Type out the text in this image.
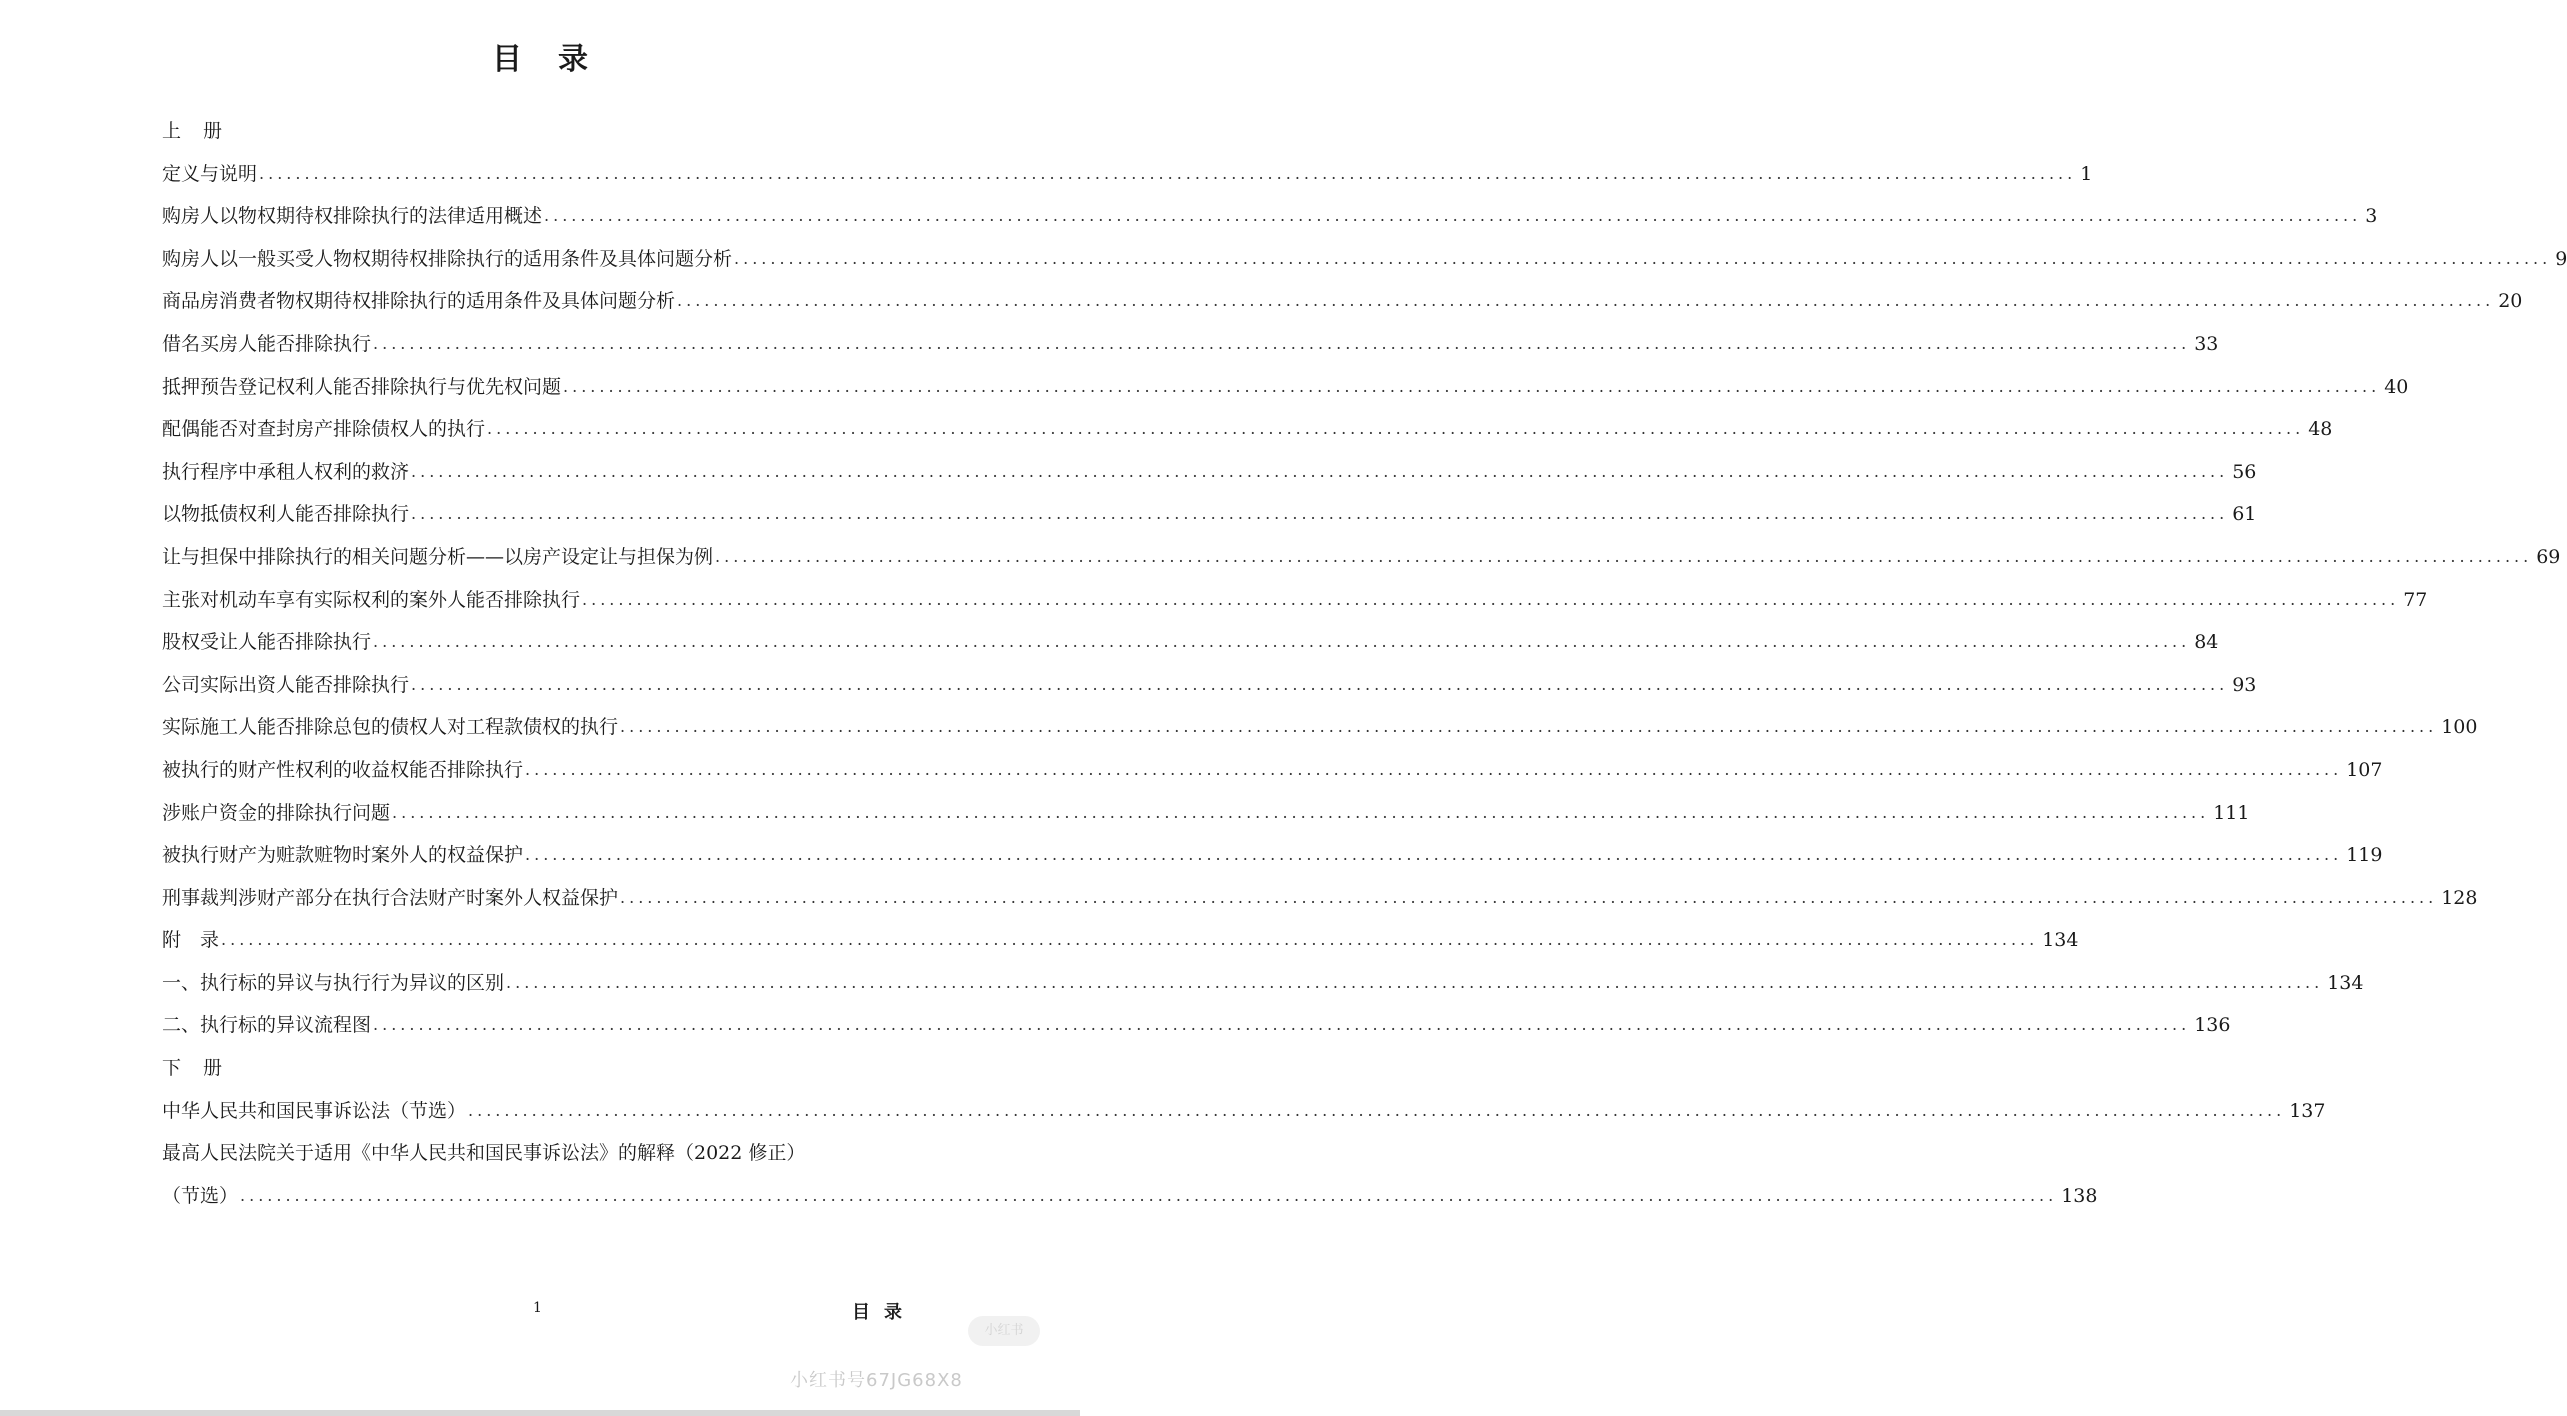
目 录
上 册
定义与说明 ........................................................................................................................................................................................................ 1
购房人以物权期待权排除执行的法律适用概述 ........................................................................................................................................................................................................ 3
购房人以一般买受人物权期待权排除执行的适用条件及具体问题分析 ........................................................................................................................................................................................................ 9
商品房消费者物权期待权排除执行的适用条件及具体问题分析 ........................................................................................................................................................................................................ 20
借名买房人能否排除执行 ........................................................................................................................................................................................................ 33
抵押预告登记权利人能否排除执行与优先权问题 ........................................................................................................................................................................................................ 40
配偶能否对查封房产排除债权人的执行 ........................................................................................................................................................................................................ 48
执行程序中承租人权利的救济 ........................................................................................................................................................................................................ 56
以物抵债权利人能否排除执行 ........................................................................................................................................................................................................ 61
让与担保中排除执行的相关问题分析——以房产设定让与担保为例 ........................................................................................................................................................................................................ 69
主张对机动车享有实际权利的案外人能否排除执行 ........................................................................................................................................................................................................ 77
股权受让人能否排除执行 ........................................................................................................................................................................................................ 84
公司实际出资人能否排除执行 ........................................................................................................................................................................................................ 93
实际施工人能否排除总包的债权人对工程款债权的执行 ........................................................................................................................................................................................................ 100
被执行的财产性权利的收益权能否排除执行 ........................................................................................................................................................................................................ 107
涉账户资金的排除执行问题 ........................................................................................................................................................................................................ 111
被执行财产为赃款赃物时案外人的权益保护 ........................................................................................................................................................................................................ 119
刑事裁判涉财产部分在执行合法财产时案外人权益保护 ........................................................................................................................................................................................................ 128
附　录 ........................................................................................................................................................................................................ 134
一、执行标的异议与执行行为异议的区别 ........................................................................................................................................................................................................ 134
二、执行标的异议流程图 ........................................................................................................................................................................................................ 136
下 册
中华人民共和国民事诉讼法（节选） ........................................................................................................................................................................................................ 137
最高人民法院关于适用《中华人民共和国民事诉讼法》的解释（2022 修正）
（节选） ........................................................................................................................................................................................................ 138
1	目 录
小红书
小红书号67JG68X8
